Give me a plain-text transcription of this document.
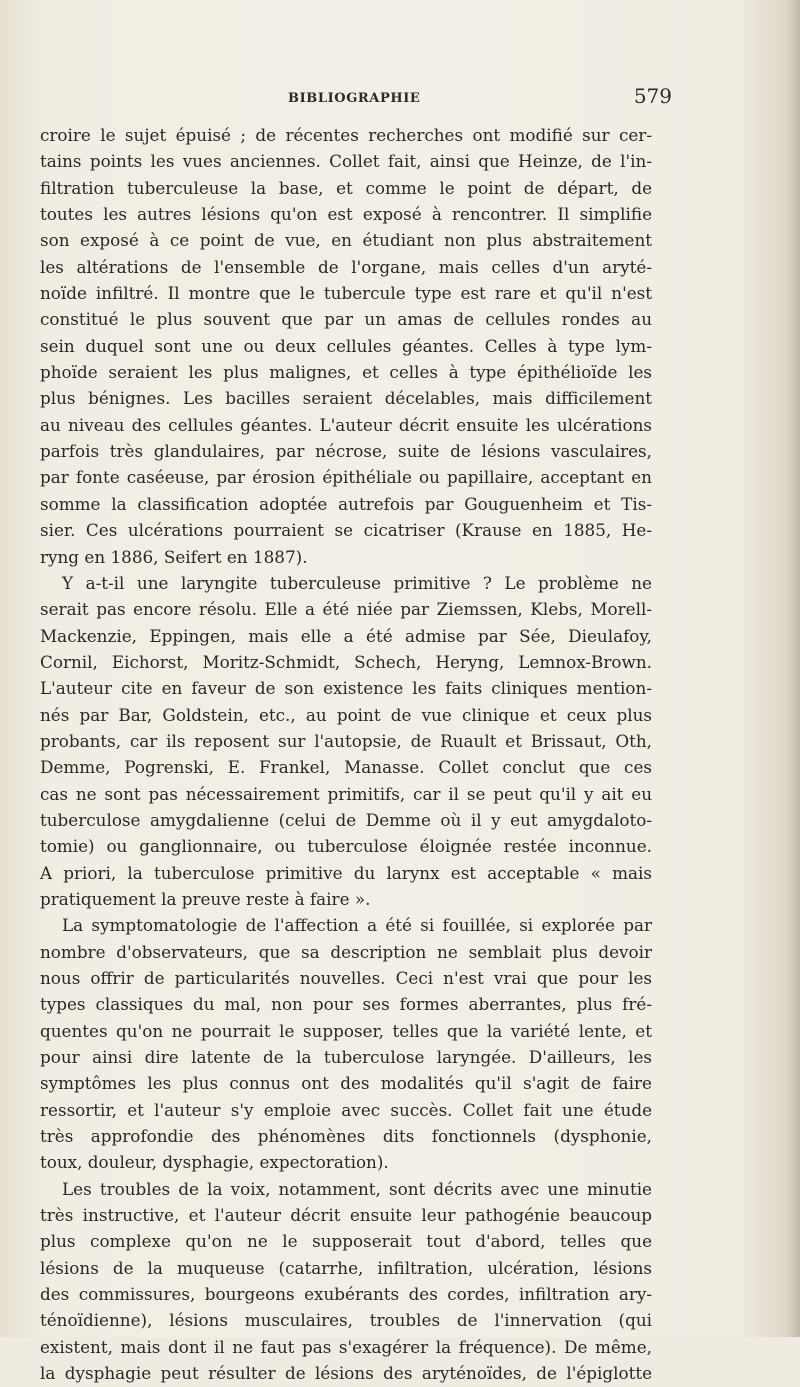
BIBLIOGRAPHIE	579
croire le sujet épuisé ; de récentes recherches ont modifié sur cer-
tains points les vues anciennes. Collet fait, ainsi que Heinze, de l'in-
filtration tuberculeuse la base, et comme le point de départ, de
toutes les autres lésions qu'on est exposé à rencontrer. Il simplifie
son exposé à ce point de vue, en étudiant non plus abstraitement
les altérations de l'ensemble de l'organe, mais celles d'un aryté-
noïde infiltré. Il montre que le tubercule type est rare et qu'il n'est
constitué le plus souvent que par un amas de cellules rondes au
sein duquel sont une ou deux cellules géantes. Celles à type lym-
phoïde seraient les plus malignes, et celles à type épithélioïde les
plus bénignes. Les bacilles seraient décelables, mais difficilement
au niveau des cellules géantes. L'auteur décrit ensuite les ulcérations
parfois très glandulaires, par nécrose, suite de lésions vasculaires,
par fonte caséeuse, par érosion épithéliale ou papillaire, acceptant en
somme la classification adoptée autrefois par Gouguenheim et Tis-
sier. Ces ulcérations pourraient se cicatriser (Krause en 1885, He-
ryng en 1886, Seifert en 1887).
Y a-t-il une laryngite tuberculeuse primitive ? Le problème ne
serait pas encore résolu. Elle a été niée par Ziemssen, Klebs, Morell-
Mackenzie, Eppingen, mais elle a été admise par Sée, Dieulafoy,
Cornil, Eichorst, Moritz-Schmidt, Schech, Heryng, Lemnox-Brown.
L'auteur cite en faveur de son existence les faits cliniques mention-
nés par Bar, Goldstein, etc., au point de vue clinique et ceux plus
probants, car ils reposent sur l'autopsie, de Ruault et Brissaut, Oth,
Demme, Pogrenski, E. Frankel, Manasse. Collet conclut que ces
cas ne sont pas nécessairement primitifs, car il se peut qu'il y ait eu
tuberculose amygdalienne (celui de Demme où il y eut amygdaloto-
tomie) ou ganglionnaire, ou tuberculose éloignée restée inconnue.
A priori, la tuberculose primitive du larynx est acceptable « mais
pratiquement la preuve reste à faire ».
La symptomatologie de l'affection a été si fouillée, si explorée par
nombre d'observateurs, que sa description ne semblait plus devoir
nous offrir de particularités nouvelles. Ceci n'est vrai que pour les
types classiques du mal, non pour ses formes aberrantes, plus fré-
quentes qu'on ne pourrait le supposer, telles que la variété lente, et
pour ainsi dire latente de la tuberculose laryngée. D'ailleurs, les
symptômes les plus connus ont des modalités qu'il s'agit de faire
ressortir, et l'auteur s'y emploie avec succès. Collet fait une étude
très approfondie des phénomènes dits fonctionnels (dysphonie,
toux, douleur, dysphagie, expectoration).
Les troubles de la voix, notamment, sont décrits avec une minutie
très instructive, et l'auteur décrit ensuite leur pathogénie beaucoup
plus complexe qu'on ne le supposerait tout d'abord, telles que
lésions de la muqueuse (catarrhe, infiltration, ulcération, lésions
des commissures, bourgeons exubérants des cordes, infiltration ary-
ténoïdienne), lésions musculaires, troubles de l'innervation (qui
existent, mais dont il ne faut pas s'exagérer la fréquence). De même,
la dysphagie peut résulter de lésions des aryténoïdes, de l'épiglotte
